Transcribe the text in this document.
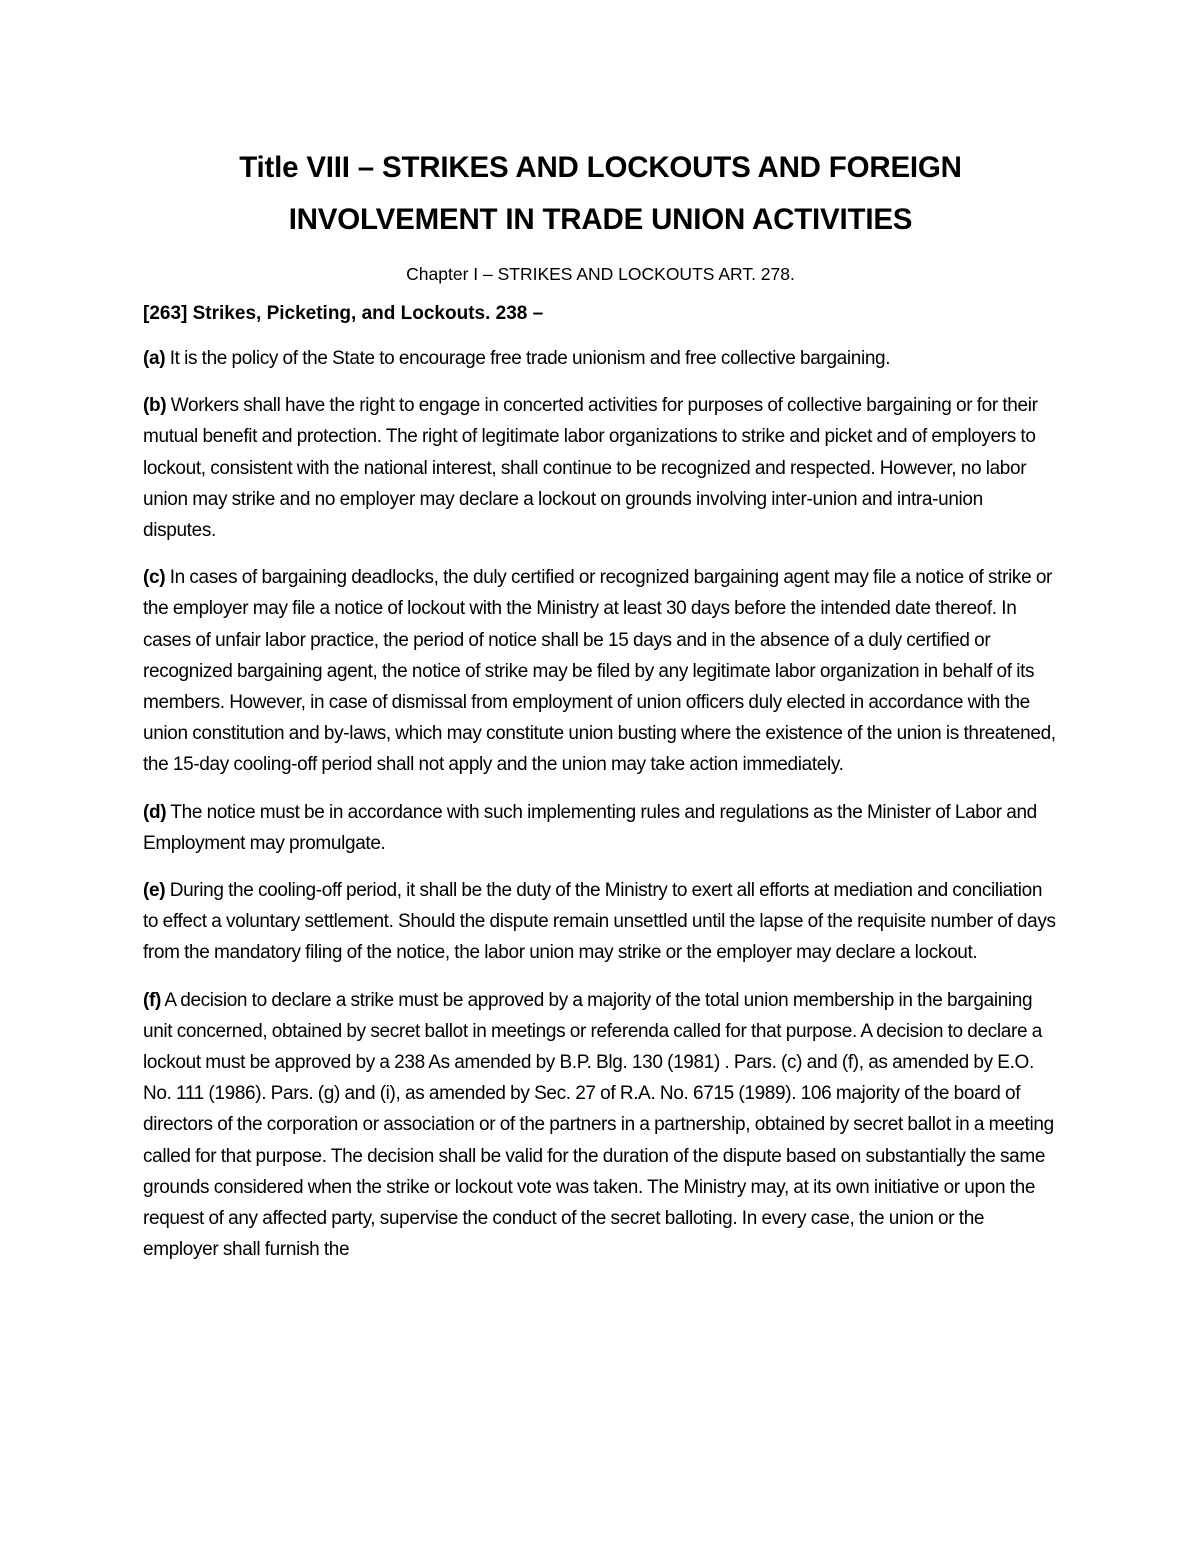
Title VIII – STRIKES AND LOCKOUTS AND FOREIGN
INVOLVEMENT IN TRADE UNION ACTIVITIES

Chapter I – STRIKES AND LOCKOUTS ART. 278.

[263] Strikes, Picketing, and Lockouts. 238 –

(a) It is the policy of the State to encourage free trade unionism and free collective bargaining.

(b) Workers shall have the right to engage in concerted activities for purposes of collective bargaining or for their mutual benefit and protection. The right of legitimate labor organizations to strike and picket and of employers to lockout, consistent with the national interest, shall continue to be recognized and respected. However, no labor union may strike and no employer may declare a lockout on grounds involving inter-union and intra-union disputes.

(c) In cases of bargaining deadlocks, the duly certified or recognized bargaining agent may file a notice of strike or the employer may file a notice of lockout with the Ministry at least 30 days before the intended date thereof. In cases of unfair labor practice, the period of notice shall be 15 days and in the absence of a duly certified or recognized bargaining agent, the notice of strike may be filed by any legitimate labor organization in behalf of its members. However, in case of dismissal from employment of union officers duly elected in accordance with the union constitution and by-laws, which may constitute union busting where the existence of the union is threatened, the 15-day cooling-off period shall not apply and the union may take action immediately.

(d) The notice must be in accordance with such implementing rules and regulations as the Minister of Labor and Employment may promulgate.

(e) During the cooling-off period, it shall be the duty of the Ministry to exert all efforts at mediation and conciliation to effect a voluntary settlement. Should the dispute remain unsettled until the lapse of the requisite number of days from the mandatory filing of the notice, the labor union may strike or the employer may declare a lockout.

(f) A decision to declare a strike must be approved by a majority of the total union membership in the bargaining unit concerned, obtained by secret ballot in meetings or referenda called for that purpose. A decision to declare a lockout must be approved by a 238 As amended by B.P. Blg. 130 (1981) . Pars. (c) and (f), as amended by E.O. No. 111 (1986). Pars. (g) and (i), as amended by Sec. 27 of R.A. No. 6715 (1989). 106 majority of the board of directors of the corporation or association or of the partners in a partnership, obtained by secret ballot in a meeting called for that purpose. The decision shall be valid for the duration of the dispute based on substantially the same grounds considered when the strike or lockout vote was taken. The Ministry may, at its own initiative or upon the request of any affected party, supervise the conduct of the secret balloting. In every case, the union or the employer shall furnish the
